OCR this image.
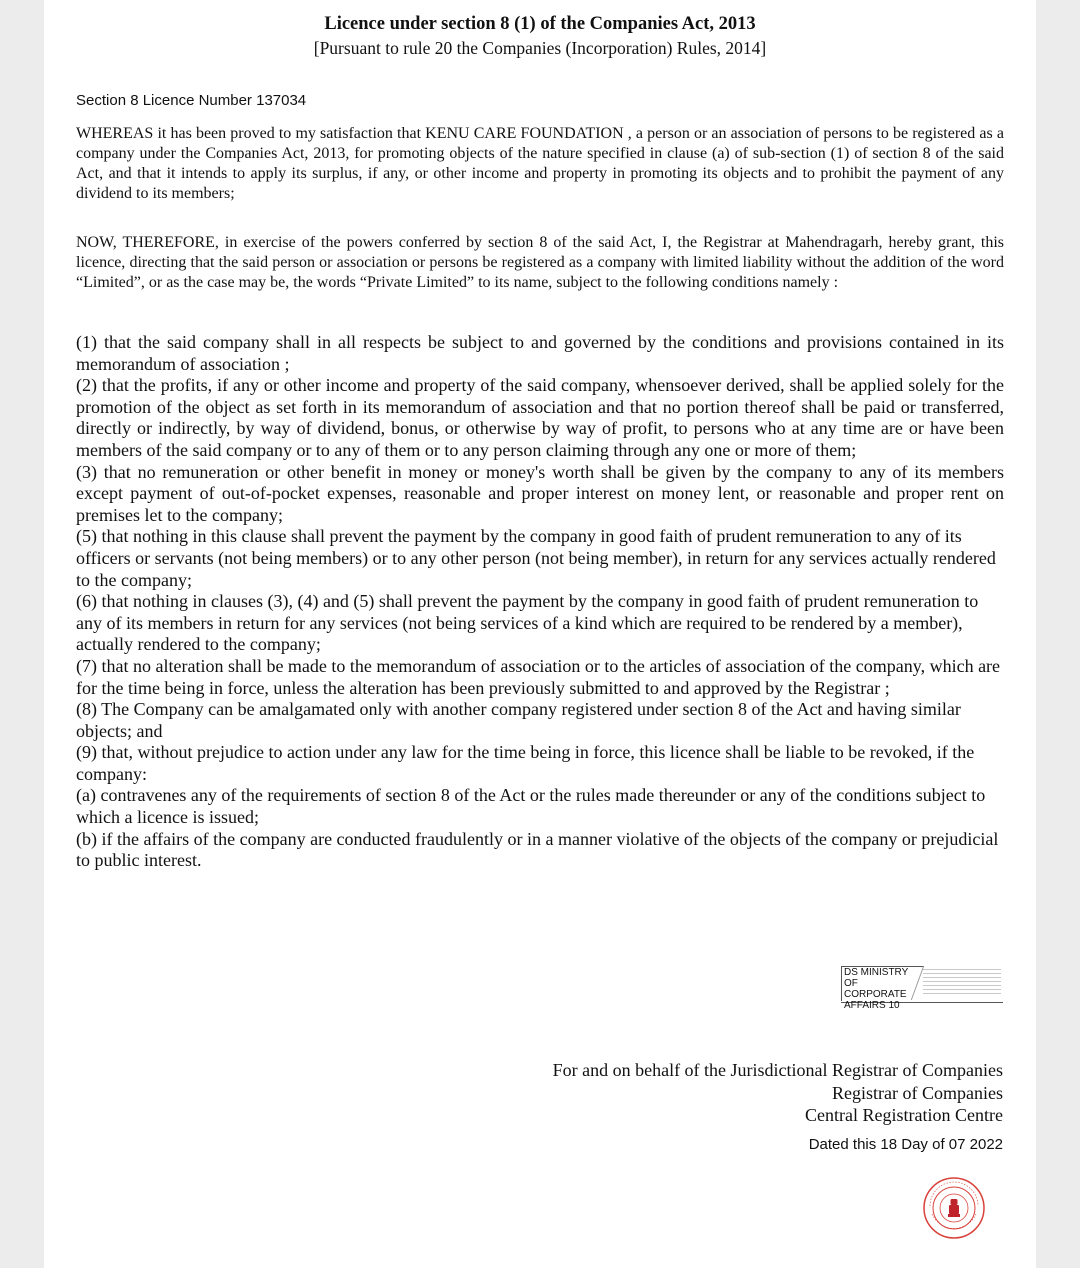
Licence under section 8 (1) of the Companies Act, 2013
[Pursuant to rule 20 the Companies (Incorporation) Rules, 2014]
Section 8 Licence Number 137034
WHEREAS it has been proved to my satisfaction that KENU CARE FOUNDATION , a person or an association of persons to be registered as a company under the Companies Act, 2013, for promoting objects of the nature specified in clause (a) of sub-section (1) of section 8 of the said Act, and that it intends to apply its surplus, if any, or other income and property in promoting its objects and to prohibit the payment of any dividend to its members;
NOW, THEREFORE, in exercise of the powers conferred by section 8 of the said Act, I, the Registrar at Mahendragarh, hereby grant, this licence, directing that the said person or association or persons be registered as a company with limited liability without the addition of the word “Limited”, or as the case may be, the words “Private Limited” to its name, subject to the following conditions namely :

(1) that the said company shall in all respects be subject to and governed by the conditions and provisions contained in its memorandum of association ;

(2) that the profits, if any or other income and property of the said company, whensoever derived, shall be applied solely for the promotion of the object as set forth in its memorandum of association and that no portion thereof shall be paid or transferred, directly or indirectly, by way of dividend, bonus, or otherwise by way of profit, to persons who at any time are or have been members of the said company or to any of them or to any person claiming through any one or more of them;

(3) that no remuneration or other benefit in money or money's worth shall be given by the company to any of its members except payment of out-of-pocket expenses, reasonable and proper interest on money lent, or reasonable and proper rent on premises let to the company;

(5) that nothing in this clause shall prevent the payment by the company in good faith of prudent remuneration to any of its officers or servants (not being members) or to any other person (not being member), in return for any services actually rendered to the company;

(6) that nothing in clauses (3), (4) and (5) shall prevent the payment by the company in good faith of prudent remuneration to any of its members in return for any services (not being services of a kind which are required to be rendered by a member), actually rendered to the company;

(7) that no alteration shall be made to the memorandum of association or to the articles of association of the company, which are for the time being in force, unless the alteration has been previously submitted to and approved by the Registrar ;

(8) The Company can be amalgamated only with another company registered under section 8 of the Act and having similar objects; and

(9) that, without prejudice to action under any law for the time being in force, this licence shall be liable to be revoked, if the company:

(a) contravenes any of the requirements of section 8 of the Act or the rules made thereunder or any of the conditions subject to which a licence is issued;

(b) if the affairs of the company are conducted fraudulently or in a manner violative of the objects of the company or prejudicial to public interest.

DS MINISTRY OF
CORPORATE
AFFAIRS 10
For and on behalf of the Jurisdictional Registrar of Companies
Registrar of Companies
Central Registration Centre
Dated this 18 Day of 07 2022
